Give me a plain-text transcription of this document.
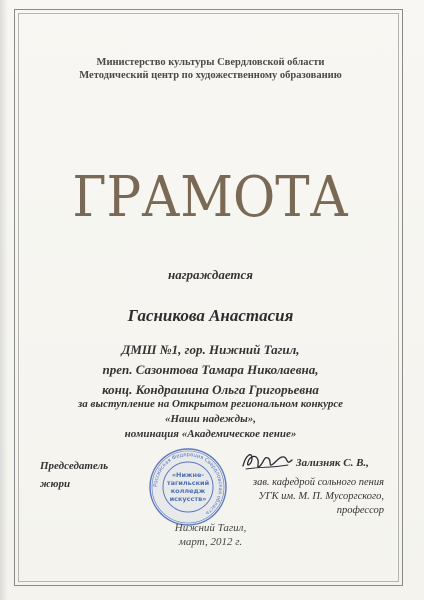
Министерство культуры Свердловской области
Методический центр по художественному образованию
ГРАМОТА
награждается
Гасникова Анастасия
ДМШ №1, гор. Нижний Тагил,
преп. Сазонтова Тамара Николаевна,
конц. Кондрашина Ольга Григорьевна
за выступление на Открытом региональном конкурсе
«Наши надежды»,
номинация «Академическое пение»
Председатель
жюри	Российская Федерация Свердловская область
«Нижне-
тагильский
колледж
искусств»
Зализняк С. В.,
зав. кафедрой сольного пения
УГК им. М. П. Мусоргского,
профессор
Нижний Тагил,
март, 2012 г.
